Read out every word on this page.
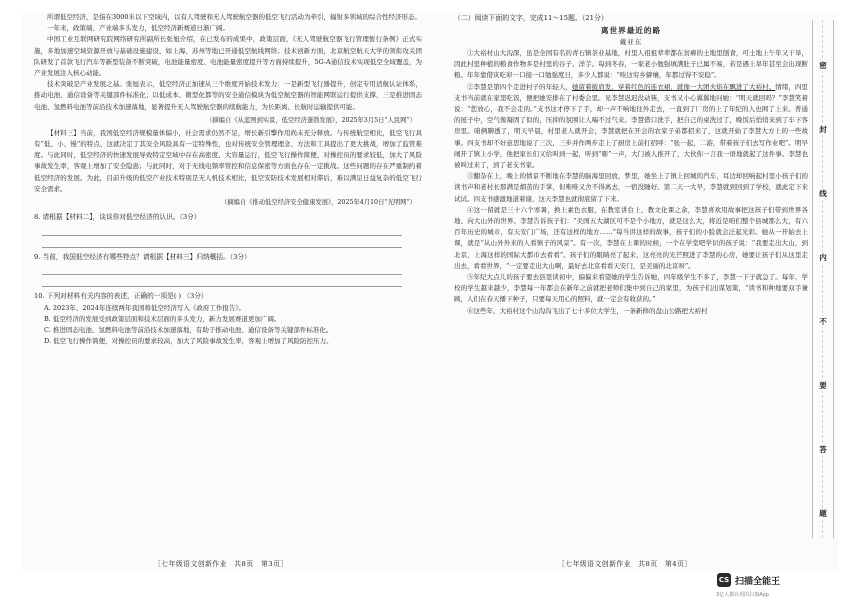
所谓低空经济，是指在3000米以下空域内，以有人驾驶和无人驾驶航空器的低空飞行活动为牵引，辐射多领域的综合性经济形态。

一年来，政策端、产业端多头发力，低空经济新赛道日渐广阔。

中国工业互联网研究院网络研究所副所长张旭介绍，在已发布的成果中，政策层面，《无人驾驶航空器飞行管理暂行条例》正式实施，多地加速空域资源开放与基础设施建设，如上海、苏州等地已开通低空航线网络；技术创新方面，北京航空航天大学的领衔攻关团队研发了首款飞行汽车等新型装备不断突破，电池能量密度、电池能量密度提升等方面持续提升，5G-A通信技术实现低空全域覆盖，为产业发展注入核心动能。

技术突破是产业发展之基。张旭表示，低空经济正加速从三个维度开始技术发力：一是新型飞行器提升，创定专用适航认证体系，推动电池、通信设备等关键部件标准化；以低成本、微型化都等的安全通信模块为低空航空器的智能网联运行提供支撑，三是推进固态电池、氢燃料电池等前沿技术加速落地，显著提升无人驾驶航空器的续航能力，为长距离、长航时运输提供可能。

（摘编自《从蓝图到实景，低空经济蓬勃发展》，2025年3月5日“人民网”）

【材料三】当前，我国低空经济规模量体偏小，社会需求仍然不足，增长新引擎作用尚未充分释放。与传统航空相比，低空飞行具有“低、小、慢”的特点，这就决定了其安全风险具有一定特殊性，也对传统安全管理理念、方法和工具提出了更大挑战，增加了监管难度。与此同时，低空经济的快速发展导致特定空域中存在高密度、大容量运行，低空飞行操作简便，对操控员的要求较低，加大了风险事故发生率，客观上增加了安全隐患；与此同时，对于无线电频率管控和信息保密等方面也存在一定挑战。这些问题的存在严重制约着低空经济的发展。为此，目前升级的低空产业技术特别是无人机技术相比，低空安防技术发展相对滞后，难以满足日益复杂的低空飞行安全需求。

（摘编自《推动低空经济安全健康发展》，2025年4月10日“光明网”）

8. 请根据【材料二】，谈谈你对低空经济的认识。（3分）

9. 当前，我国低空经济有哪些特点？请根据【材料三】归纳概括。（3分）

10. 下列对材料有关内容的表述，正确的一项是( ) （3分）

A. 2023年、2024年连续两年我国将低空经济写入《政府工作报告》。

B. 低空经济的发展受到政策层面和技术层面的多头发力，新力发展赛道更加广阔。

C. 推进固态电池、氢燃料电池等前沿技术加速落地，有助于推动电池、通信设备等关键部件标准化。

D. 低空飞行操作简便，对操控员的要求较高，加大了风险事故发生率，客观上增加了风险防控压力。

［七年级语文创新作业　共8页　第3页］

（二）阅读下面的文字，完成11～15题。（21分）

离世界最近的路

戴亚东

①大裕村山大沟深，虽是全国有名的青石镇茶业基地，村里人祖祖辈辈都在贫瘠的土地里刨食，可土地上午年又干旱，因此村里种植的粮食作物多是村里的谷子、洋芋。每到冬春，一家老小勉强填满肚子已属不易，若是遇上旱年甚至会出现断粮。年年靠借寅吃卯一口接一口勉强度日，多少人都说：“唉这穷乡僻壤，年都过得不安稳”。

②李慧是第四个走进村子的年轻人，她留着披肩发、穿着红色的连衣裙，就像一大团火焰在飘进了大裕村。情绪，四里支书当前就在家里吃饭，便把她安排在了村委会里。见李慧迟迟没动筷，支书又小心翼翼地问她：“明天就回吗？”李慧笑着说：“您放心，我不会走的。”支书这才停下了手，却一声不响地往外走去，一直到了厂房的上了年纪的人也围了上来。普通的屋子中，空气像凝固了似的，压抑的氛围让人喘不过气来。李慧借口洗手，把自己的桌洗过了，晚饭后悄悄来到了车下客房里。咱俩聊透了，明天早晨，村里老人就开会，李慧就把在开会的农家子弟都招来了，这就开始了李慧大方上的一些故事。四支书却不好意思地说了三次，三步并作两步走上了厨房上前打招呼：“张一起，二游，带着孩子们去写作业吧”。明早闹开了镇上小学，他把家长们又给叫到一起，听到“嘭”一声，大门被人推开了，大伙你一言我一语地就起了这件事。李慧也被叫过来了，到了老支书家。

③翻杂在上，晚上的情景不断地在李慧的脑海里回放，梦里，她坐上了镇上回城的汽车，耳边却回响起村里小孩子们的读书声和老村长那满是烟茧的手掌，但唯唯又舍不得离去，一宿没睡好。第二天一大早，李慧就到回到了学校，就此定下来试试。四支书感激地道着谢，这天李慧也就彻底留了下来。

④这一留就是三十六个寒暑，换上素色衣服，在教室讲台上，教文化课之余，李慧喜欢用故事把这孩子们带到世界各地、向大山外的世界。李慧告诉孩子们：“美国五大湖区可不是个小地方，就是这么大，将近是咱们整个县城那么大，有六百年历史的城市，有天安门广场，还有这样的地方……”每当讲这样的故事，孩子们的小脸就会泛起光彩。她从一开始去上课，就是“从山外外来的人看镇子的风景”。有一次，李慧在上课的时候，一个在学堂吧学识的孩子说：“我要走出大山，到北京、上海这样的国际大都市去看看”。孩子们的眼睛亮了起来，这亮亮的光芒照进了李慧的心房，她要让孩子们从这里走出去，看看世界，“一定要走出大山啊，最好去北京看看天安门，是美丽的北京呀”。

⑤年纪大点儿的孩子要去县里读初中，偏偏来看望她的学生告诉她，四年级学生不多了，李慧一下子就急了。每年，学校的学生越来越少，李慧每一年都会在新年之前就把老师们集中到自己的家里，为孩子们出谋划策，“读书和种地要双手兼顾，人们在春天播下种子，只要每天用心的照料，就一定会有收获的。”

⑥这些年，大裕村这个山沟沟飞出了七十多位大学生，一条新修的盘山公路把大裕村

［七年级语文创新作业　共8页　第4页］
密
封
线
内
不
要
答
题
CS 扫描全能王
3亿人都在用的扫描App
